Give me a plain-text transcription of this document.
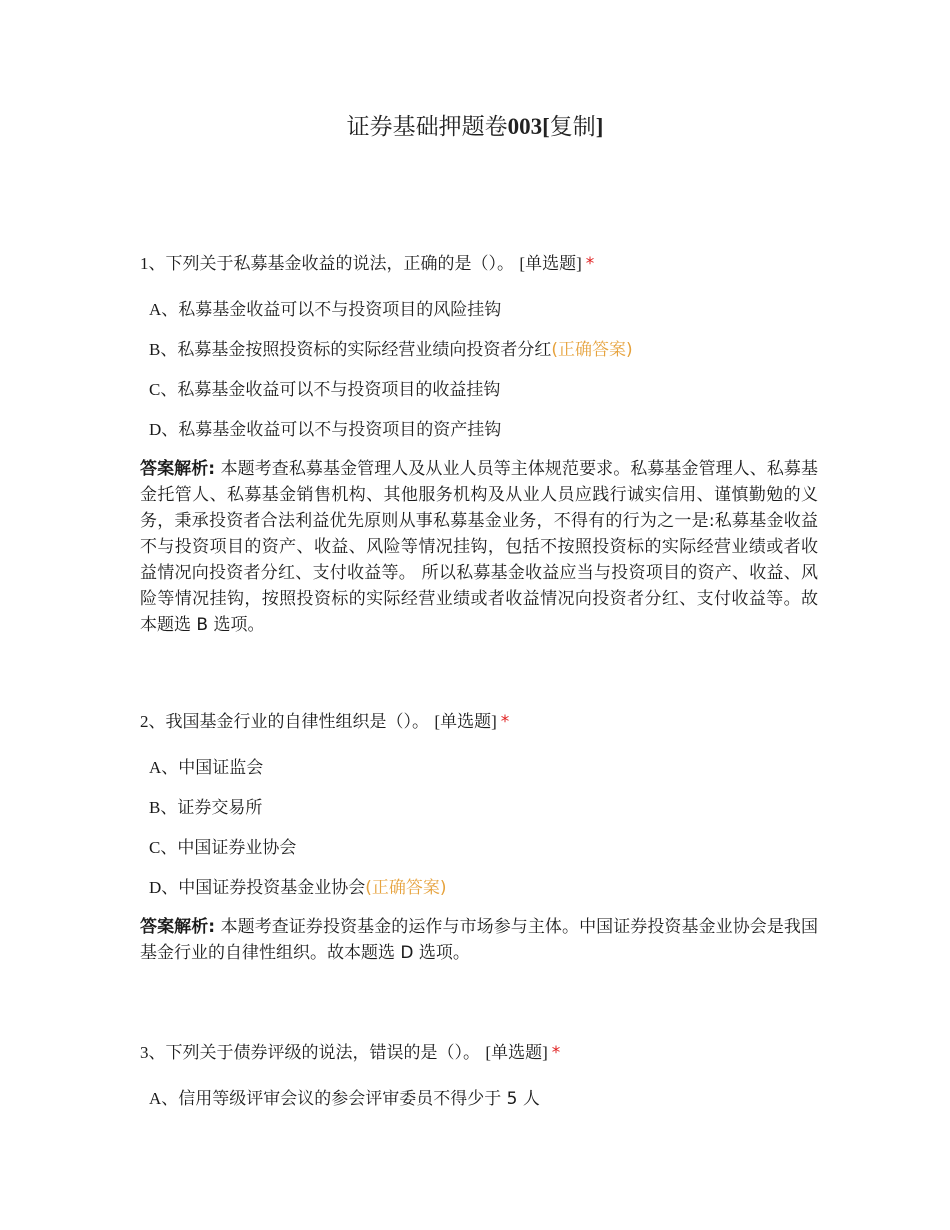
证券基础押题卷003[复制]
1、下列关于私募基金收益的说法，正确的是（）。 [单选题] *
A、私募基金收益可以不与投资项目的风险挂钩
B、私募基金按照投资标的实际经营业绩向投资者分红(正确答案)
C、私募基金收益可以不与投资项目的收益挂钩
D、私募基金收益可以不与投资项目的资产挂钩
答案解析: 本题考查私募基金管理人及从业人员等主体规范要求。私募基金管理人、私募基金托管人、私募基金销售机构、其他服务机构及从业人员应践行诚实信用、谨慎勤勉的义务，秉承投资者合法利益优先原则从事私募基金业务，不得有的行为之一是:私募基金收益不与投资项目的资产、收益、风险等情况挂钩，包括不按照投资标的实际经营业绩或者收益情况向投资者分红、支付收益等。 所以私募基金收益应当与投资项目的资产、收益、风险等情况挂钩，按照投资标的实际经营业绩或者收益情况向投资者分红、支付收益等。故本题选 B 选项。
2、我国基金行业的自律性组织是（）。 [单选题] *
A、中国证监会
B、证券交易所
C、中国证券业协会
D、中国证券投资基金业协会(正确答案)
答案解析: 本题考查证券投资基金的运作与市场参与主体。中国证券投资基金业协会是我国基金行业的自律性组织。故本题选 D 选项。
3、下列关于债券评级的说法，错误的是（）。 [单选题] *
A、信用等级评审会议的参会评审委员不得少于 5 人
